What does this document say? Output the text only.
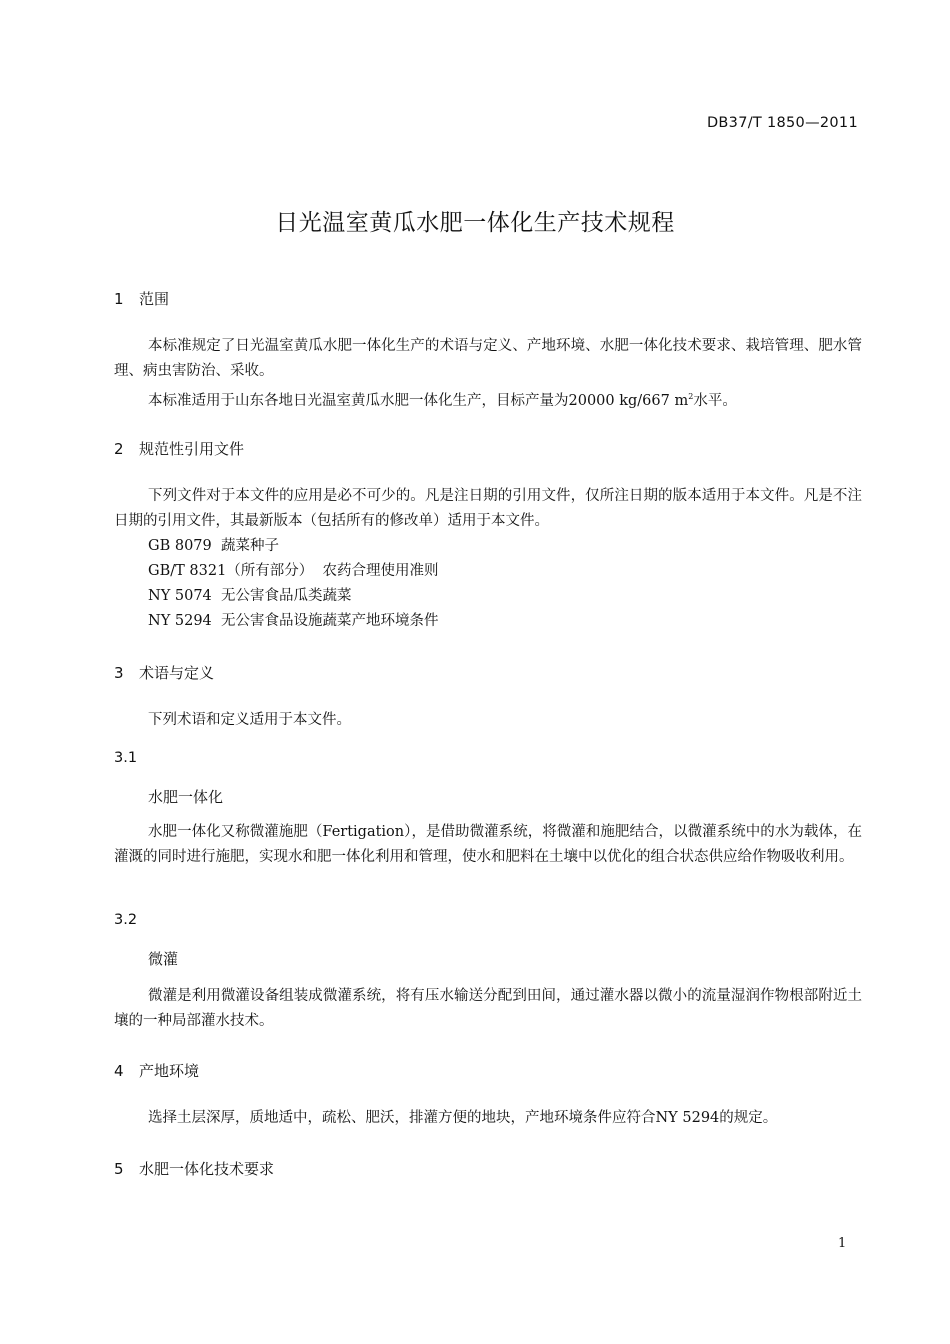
DB37/T 1850—2011
日光温室黄瓜水肥一体化生产技术规程
1 范围
本标准规定了日光温室黄瓜水肥一体化生产的术语与定义、产地环境、水肥一体化技术要求、栽培管理、肥水管理、病虫害防治、采收。
本标准适用于山东各地日光温室黄瓜水肥一体化生产，目标产量为20000 kg/667 $m^2$水平。
2 规范性引用文件
下列文件对于本文件的应用是必不可少的。凡是注日期的引用文件，仅所注日期的版本适用于本文件。凡是不注日期的引用文件，其最新版本（包括所有的修改单）适用于本文件。
GB 8079  蔬菜种子
GB/T 8321（所有部分）  农药合理使用准则
NY 5074  无公害食品瓜类蔬菜
NY 5294  无公害食品设施蔬菜产地环境条件
3 术语与定义
下列术语和定义适用于本文件。
3.1
水肥一体化
水肥一体化又称微灌施肥（Fertigation），是借助微灌系统，将微灌和施肥结合，以微灌系统中的水为载体，在灌溉的同时进行施肥，实现水和肥一体化利用和管理，使水和肥料在土壤中以优化的组合状态供应给作物吸收利用。
3.2
微灌
微灌是利用微灌设备组装成微灌系统，将有压水输送分配到田间，通过灌水器以微小的流量湿润作物根部附近土壤的一种局部灌水技术。
4 产地环境
选择土层深厚，质地适中，疏松、肥沃，排灌方便的地块，产地环境条件应符合NY 5294的规定。
5 水肥一体化技术要求
1
